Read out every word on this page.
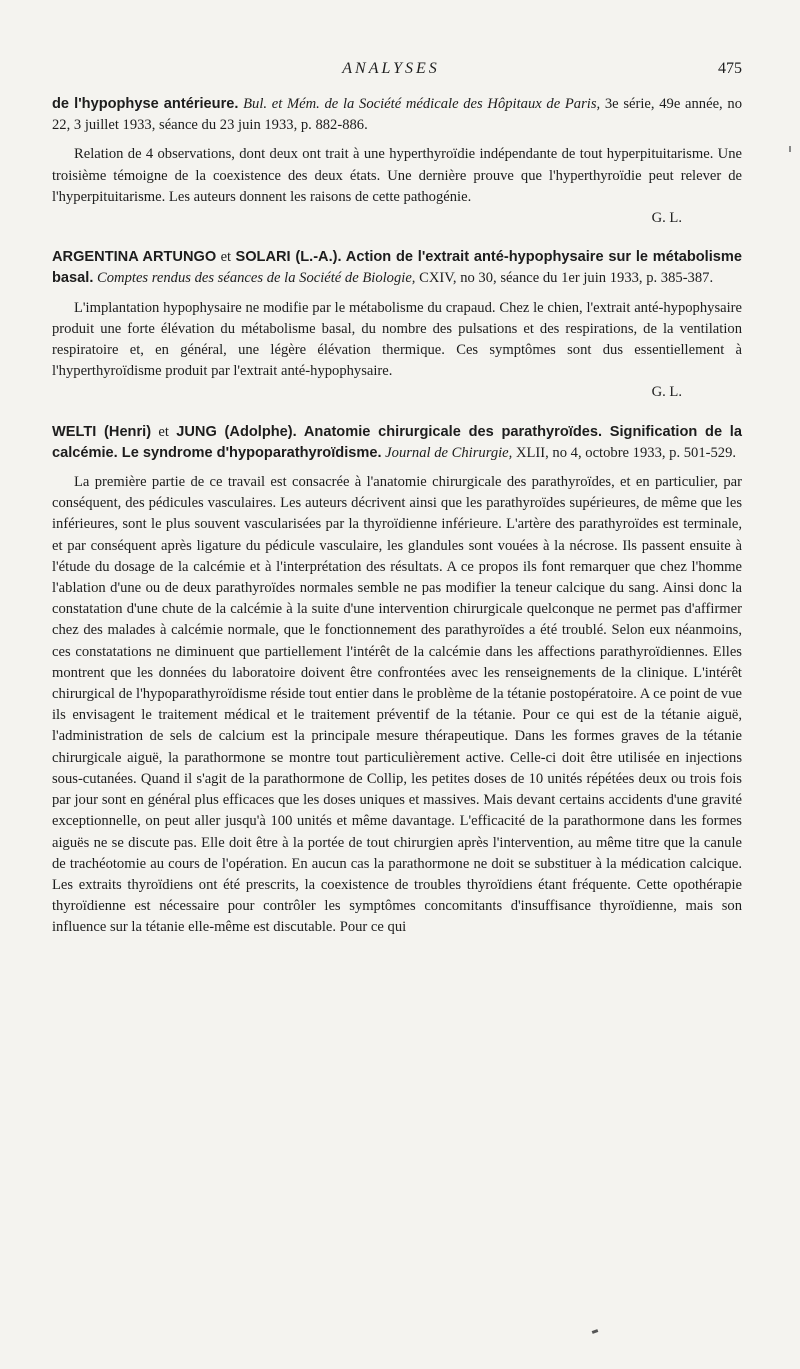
ANALYSES	475

de l'hypophyse antérieure. Bul. et Mém. de la Société médicale des Hôpitaux de Paris, 3e série, 49e année, no 22, 3 juillet 1933, séance du 23 juin 1933, p. 882-886.

Relation de 4 observations, dont deux ont trait à une hyperthyroïdie indépendante de tout hyperpituitarisme. Une troisième témoigne de la coexistence des deux états. Une dernière prouve que l'hyperthyroïdie peut relever de l'hyperpituitarisme. Les auteurs donnent les raisons de cette pathogénie.

G. L.

ARGENTINA ARTUNGO et SOLARI (L.-A.). Action de l'extrait anté-hypophysaire sur le métabolisme basal. Comptes rendus des séances de la Société de Biologie, CXIV, no 30, séance du 1er juin 1933, p. 385-387.

L'implantation hypophysaire ne modifie par le métabolisme du crapaud. Chez le chien, l'extrait anté-hypophysaire produit une forte élévation du métabolisme basal, du nombre des pulsations et des respirations, de la ventilation respiratoire et, en général, une légère élévation thermique. Ces symptômes sont dus essentiellement à l'hyperthyroïdisme produit par l'extrait anté-hypophysaire.

G. L.

WELTI (Henri) et JUNG (Adolphe). Anatomie chirurgicale des parathyroïdes. Signification de la calcémie. Le syndrome d'hypoparathyroïdisme. Journal de Chirurgie, XLII, no 4, octobre 1933, p. 501-529.

La première partie de ce travail est consacrée à l'anatomie chirurgicale des parathyroïdes, et en particulier, par conséquent, des pédicules vasculaires. Les auteurs décrivent ainsi que les parathyroïdes supérieures, de même que les inférieures, sont le plus souvent vascularisées par la thyroïdienne inférieure. L'artère des parathyroïdes est terminale, et par conséquent après ligature du pédicule vasculaire, les glandules sont vouées à la nécrose. Ils passent ensuite à l'étude du dosage de la calcémie et à l'interprétation des résultats. A ce propos ils font remarquer que chez l'homme l'ablation d'une ou de deux parathyroïdes normales semble ne pas modifier la teneur calcique du sang. Ainsi donc la constatation d'une chute de la calcémie à la suite d'une intervention chirurgicale quelconque ne permet pas d'affirmer chez des malades à calcémie normale, que le fonctionnement des parathyroïdes a été troublé. Selon eux néanmoins, ces constatations ne diminuent que partiellement l'intérêt de la calcémie dans les affections parathyroïdiennes. Elles montrent que les données du laboratoire doivent être confrontées avec les renseignements de la clinique. L'intérêt chirurgical de l'hypoparathyroïdisme réside tout entier dans le problème de la tétanie postopératoire. A ce point de vue ils envisagent le traitement médical et le traitement préventif de la tétanie. Pour ce qui est de la tétanie aiguë, l'administration de sels de calcium est la principale mesure thérapeutique. Dans les formes graves de la tétanie chirurgicale aiguë, la parathormone se montre tout particulièrement active. Celle-ci doit être utilisée en injections sous-cutanées. Quand il s'agit de la parathormone de Collip, les petites doses de 10 unités répétées deux ou trois fois par jour sont en général plus efficaces que les doses uniques et massives. Mais devant certains accidents d'une gravité exceptionnelle, on peut aller jusqu'à 100 unités et même davantage. L'efficacité de la parathormone dans les formes aiguës ne se discute pas. Elle doit être à la portée de tout chirurgien après l'intervention, au même titre que la canule de trachéotomie au cours de l'opération. En aucun cas la parathormone ne doit se substituer à la médication calcique. Les extraits thyroïdiens ont été prescrits, la coexistence de troubles thyroïdiens étant fréquente. Cette opothérapie thyroïdienne est nécessaire pour contrôler les symptômes concomitants d'insuffisance thyroïdienne, mais son influence sur la tétanie elle-même est discutable. Pour ce qui
